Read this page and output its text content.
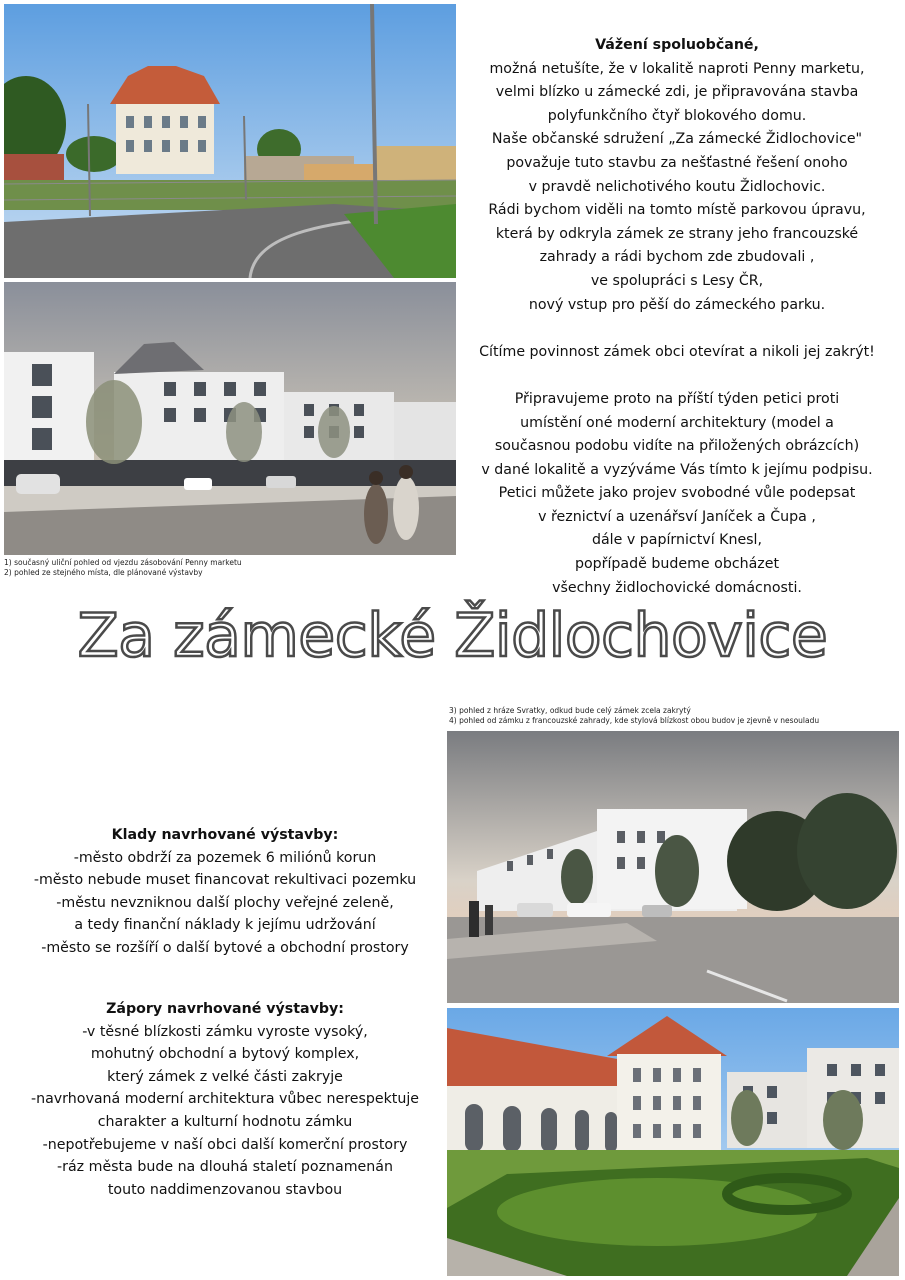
1) současný uliční pohled od vjezdu zásobování Penny marketu
2) pohled ze stejného místa, dle plánované výstavby
Vážení spoluobčané,
možná netušíte, že v lokalitě naproti Penny marketu,
velmi blízko u zámecké zdi, je připravována stavba
polyfunkčního čtyř blokového domu.
Naše občanské sdružení „Za zámecké Židlochovice"
považuje tuto stavbu za nešťastné řešení onoho
v pravdě nelichotivého koutu Židlochovic.
Rádi bychom viděli na tomto místě parkovou úpravu,
která by odkryla zámek ze strany jeho francouzské
zahrady a rádi bychom zde zbudovali ,
ve spolupráci s Lesy ČR,
nový vstup pro pěší do zámeckého parku.
Cítíme povinnost zámek obci otevírat a nikoli jej zakrýt!
Připravujeme proto na příští týden petici proti
umístění oné moderní architektury (model a
současnou podobu vidíte na přiložených obrázcích)
v dané lokalitě a vyzýváme Vás tímto k jejímu podpisu.
Petici můžete jako projev svobodné vůle podepsat
v řeznictví a uzenářsví Janíček a Čupa ,
dále v papírnictví Knesl,
popřípadě budeme obcházet
všechny židlochovické domácnosti.
Za zámecké Židlochovice
3) pohled z hráze Svratky, odkud bude celý zámek zcela zakrytý
4) pohled od zámku z francouzské zahrady, kde stylová blízkost obou budov je zjevně v nesouladu
Klady navrhované výstavby:
-město obdrží za pozemek 6 miliónů korun
-město nebude muset financovat rekultivaci pozemku
-městu nevzniknou další plochy veřejné zeleně,
a tedy finanční náklady k jejímu udržování
-město se rozšíří o další bytové a obchodní prostory
Zápory navrhované výstavby:
-v těsné blízkosti zámku vyroste vysoký,
mohutný obchodní a bytový komplex,
který zámek z velké části zakryje
-navrhovaná moderní architektura vůbec nerespektuje
charakter a kulturní hodnotu zámku
-nepotřebujeme v naší obci další komerční prostory
-ráz města bude na dlouhá staletí poznamenán
touto naddimenzovanou stavbou
